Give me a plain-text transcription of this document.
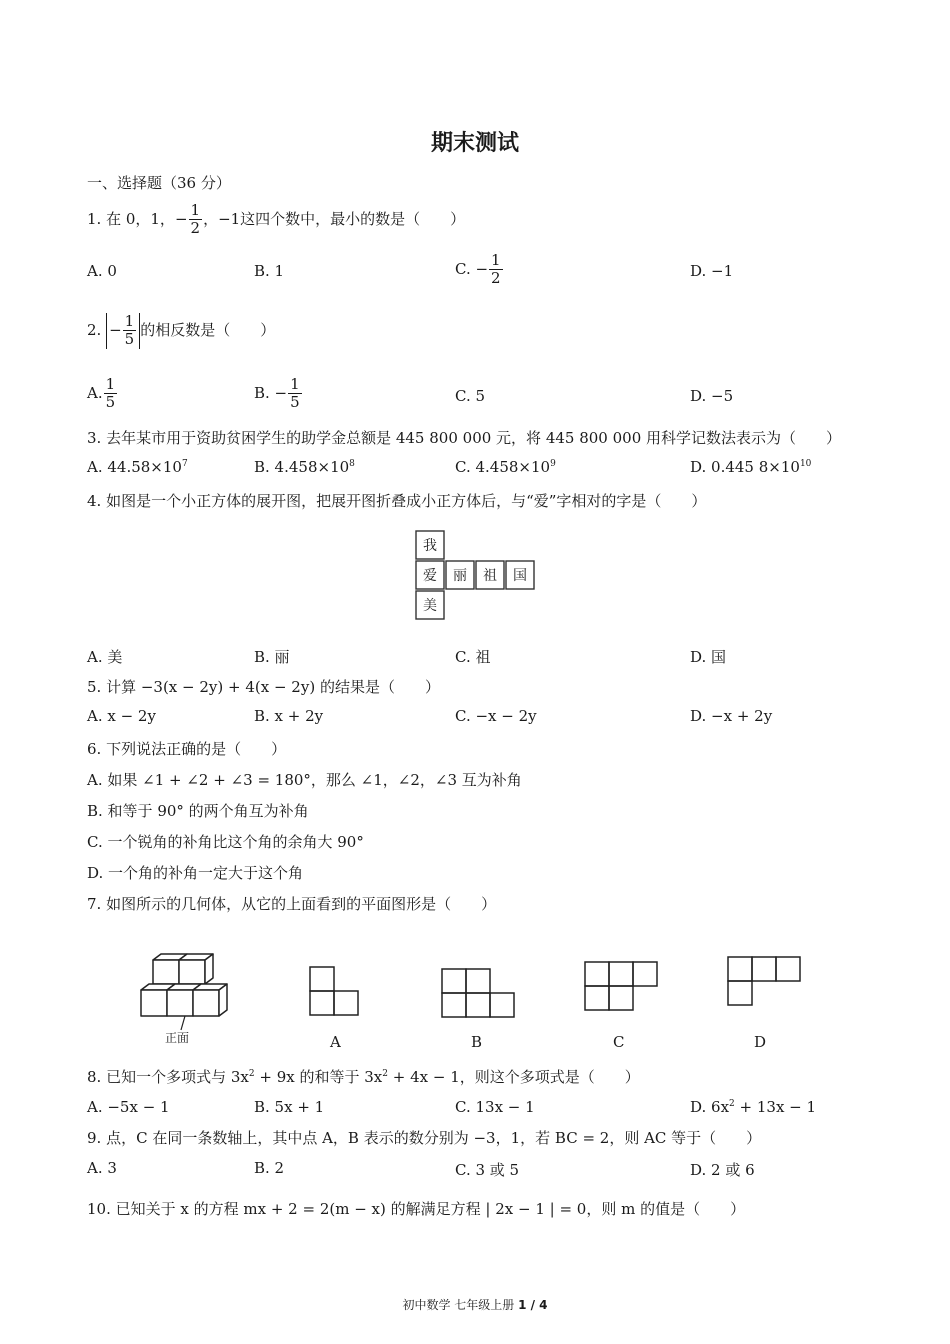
期末测试
一、选择题（36 分）
1. 在 0，1，− $\frac{1}{2}$ ，−1这四个数中，最小的数是（　　）
A. 0	B. 1	C. − $\frac{1}{2}$	D. −1
2. − $\frac{1}{5}$ 的相反数是（　　）
A. $\frac{1}{5}$	B. − $\frac{1}{5}$	C. 5	D. −5
3. 去年某市用于资助贫困学生的助学金总额是 445 800 000 元，将 445 800 000 用科学记数法表示为（　　）
A. $44.58\times 10^7$	B. $4.458\times 10^8$	C. $4.458\times 10^9$	D. 0.445 $8\times 10^{10}$
4. 如图是一个小正方体的展开图，把展开图折叠成小正方体后，与“爱”字相对的字是（　　）
我
爱 丽 祖 国
美
A. 美	B. 丽	C. 祖	D. 国
5. 计算 −3(x − 2y) + 4(x − 2y) 的结果是（　　）
A. x − 2y	B. x + 2y	C. −x − 2y	D. −x + 2y
6. 下列说法正确的是（　　）
A. 如果 ∠1 + ∠2 + ∠3 = 180°，那么 ∠1，∠2，∠3 互为补角
B. 和等于 90° 的两个角互为补角
C. 一个锐角的补角比这个角的余角大 90°
D. 一个角的补角一定大于这个角
7. 如图所示的几何体，从它的上面看到的平面图形是（　　）
正面	A	B	C	D
8. 已知一个多项式与 $3x^2 + 9x$ 的和等于 $3x^2 + 4x - 1$，则这个多项式是（　　）
A. −5x − 1	B. 5x + 1	C. 13x − 1	D. $6x^2 + 13x - 1$
9. 点，C 在同一条数轴上，其中点 A，B 表示的数分别为 −3，1，若 BC = 2，则 AC 等于（　　）
A. 3	B. 2	C. 3 或 5	D. 2 或 6
10. 已知关于 x 的方程 mx + 2 = 2(m − x) 的解满足方程 | 2x − 1 | = 0，则 m 的值是（　　）
初中数学 七年级上册 1 / 4
